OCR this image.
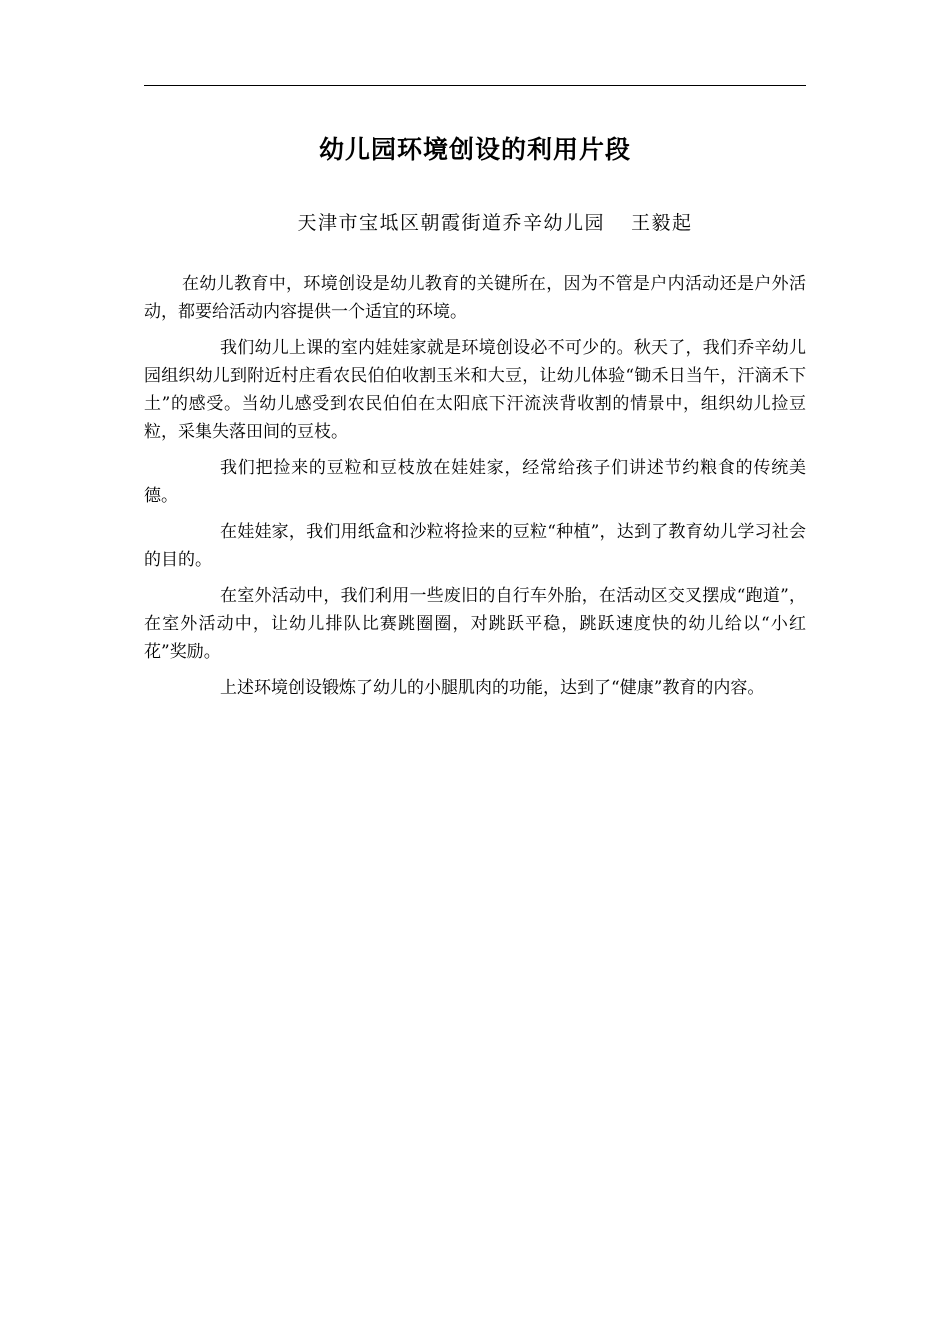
幼儿园环境创设的利用片段
天津市宝坻区朝霞街道乔辛幼儿园 王毅起

在幼儿教育中，环境创设是幼儿教育的关键所在，因为不管是户内活动还是户外活动，都要给活动内容提供一个适宜的环境。

我们幼儿上课的室内娃娃家就是环境创设必不可少的。秋天了，我们乔辛幼儿园组织幼儿到附近村庄看农民伯伯收割玉米和大豆，让幼儿体验“锄禾日当午，汗滴禾下土”的感受。当幼儿感受到农民伯伯在太阳底下汗流浃背收割的情景中，组织幼儿捡豆粒，采集失落田间的豆枝。

我们把捡来的豆粒和豆枝放在娃娃家，经常给孩子们讲述节约粮食的传统美德。

在娃娃家，我们用纸盒和沙粒将捡来的豆粒“种植”，达到了教育幼儿学习社会的目的。

在室外活动中，我们利用一些废旧的自行车外胎，在活动区交叉摆成“跑道”，在室外活动中，让幼儿排队比赛跳圈圈，对跳跃平稳，跳跃速度快的幼儿给以“小红花”奖励。

上述环境创设锻炼了幼儿的小腿肌肉的功能，达到了“健康”教育的内容。
